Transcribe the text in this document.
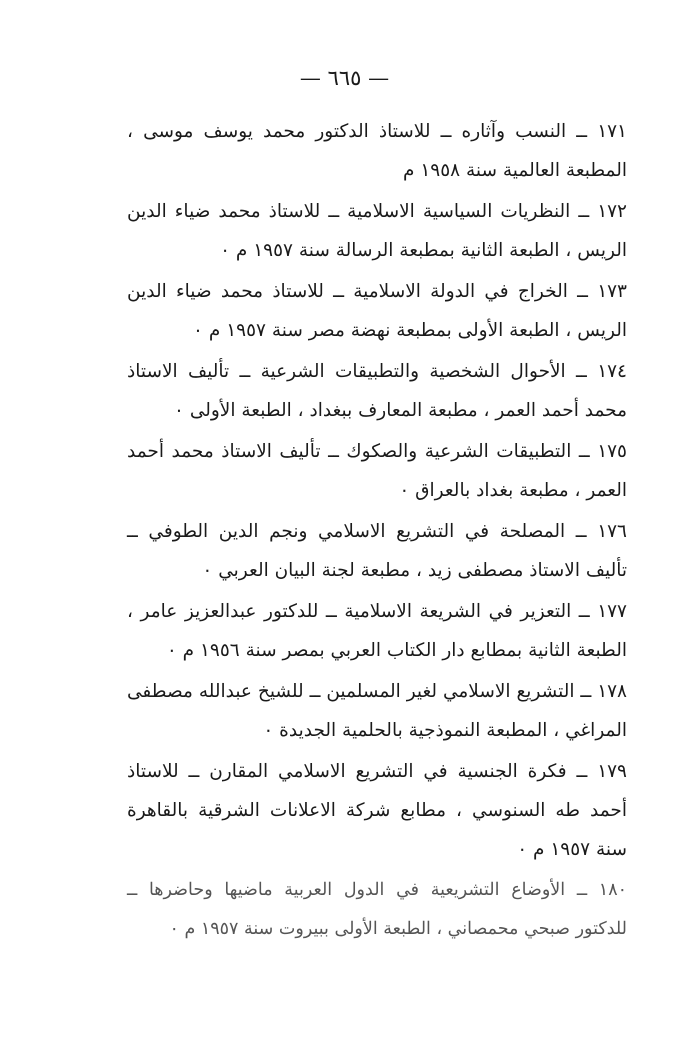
— ٦٦٥ —

١٧١ ــ النسب وآثاره ــ للاستاذ الدكتور محمد يوسف موسى ، المطبعة العالمية سنة ١٩٥٨ م

١٧٢ ــ النظريات السياسية الاسلامية ــ للاستاذ محمد ضياء الدين الريس ، الطبعة الثانية بمطبعة الرسالة سنة ١٩٥٧ م ٠

١٧٣ ــ الخراج في الدولة الاسلامية ــ للاستاذ محمد ضياء الدين الريس ، الطبعة الأولى بمطبعة نهضة مصر سنة ١٩٥٧ م ٠

١٧٤ ــ الأحوال الشخصية والتطبيقات الشرعية ــ تأليف الاستاذ محمد أحمد العمر ، مطبعة المعارف ببغداد ، الطبعة الأولى ٠

١٧٥ ــ التطبيقات الشرعية والصكوك ــ تأليف الاستاذ محمد أحمد العمر ، مطبعة بغداد بالعراق ٠

١٧٦ ــ المصلحة في التشريع الاسلامي ونجم الدين الطوفي ــ تأليف الاستاذ مصطفى زيد ، مطبعة لجنة البيان العربي ٠

١٧٧ ــ التعزير في الشريعة الاسلامية ــ للدكتور عبدالعزيز عامر ، الطبعة الثانية بمطابع دار الكتاب العربي بمصر سنة ١٩٥٦ م ٠

١٧٨ ــ التشريع الاسلامي لغير المسلمين ــ للشيخ عبدالله مصطفى المراغي ، المطبعة النموذجية بالحلمية الجديدة ٠

١٧٩ ــ فكرة الجنسية في التشريع الاسلامي المقارن ــ للاستاذ أحمد طه السنوسي ، مطابع شركة الاعلانات الشرقية بالقاهرة سنة ١٩٥٧ م ٠

١٨٠ ــ الأوضاع التشريعية في الدول العربية ماضيها وحاضرها ــ للدكتور صبحي محمصاني ، الطبعة الأولى ببيروت سنة ١٩٥٧ م ٠
